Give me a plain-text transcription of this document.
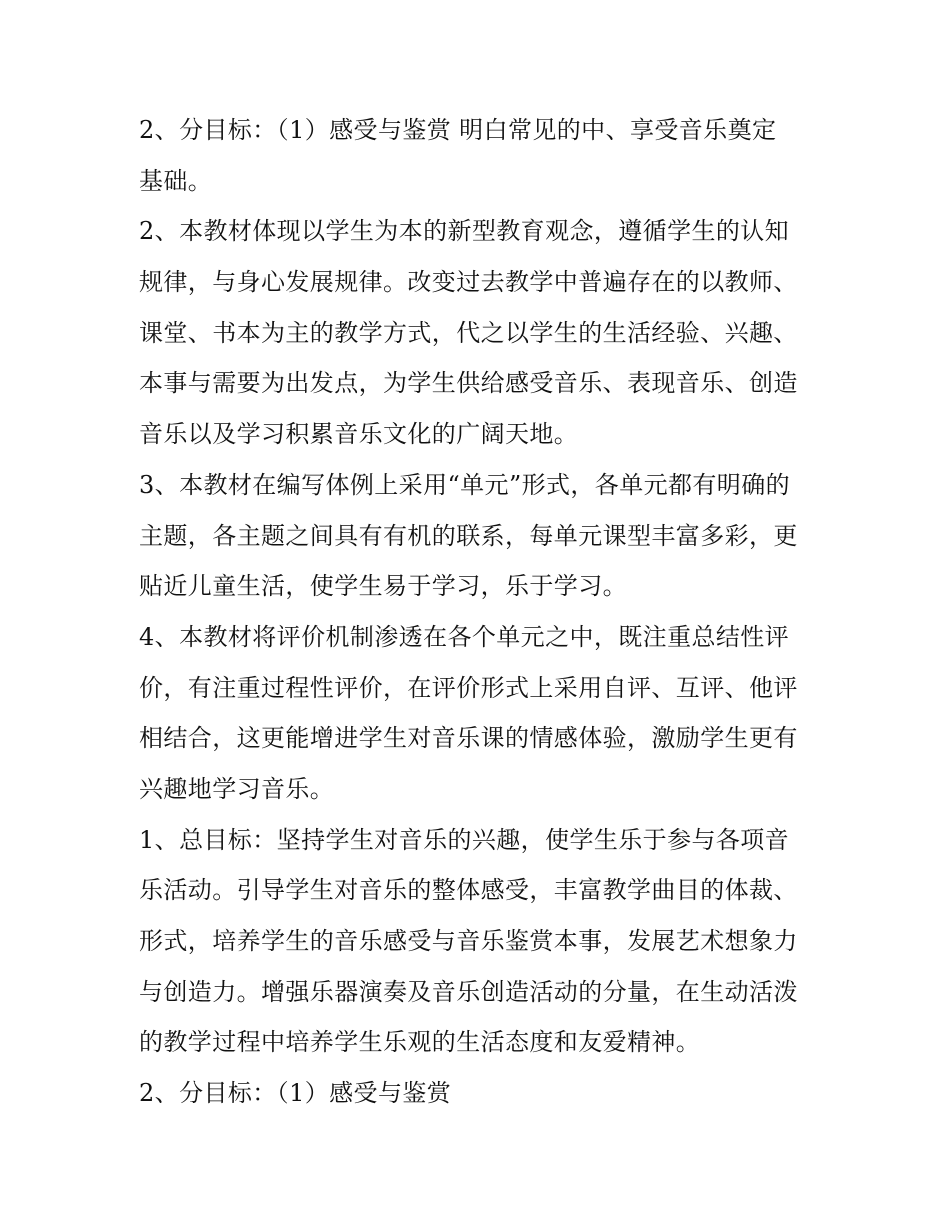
2、分目标：（1）感受与鉴赏 明白常见的中、享受音乐奠定
基础。
2、本教材体现以学生为本的新型教育观念，遵循学生的认知
规律，与身心发展规律。改变过去教学中普遍存在的以教师、
课堂、书本为主的教学方式，代之以学生的生活经验、兴趣、
本事与需要为出发点，为学生供给感受音乐、表现音乐、创造
音乐以及学习积累音乐文化的广阔天地。
3、本教材在编写体例上采用“单元”形式，各单元都有明确的
主题，各主题之间具有有机的联系，每单元课型丰富多彩，更
贴近儿童生活，使学生易于学习，乐于学习。
4、本教材将评价机制渗透在各个单元之中，既注重总结性评
价，有注重过程性评价，在评价形式上采用自评、互评、他评
相结合，这更能增进学生对音乐课的情感体验，激励学生更有
兴趣地学习音乐。
1、总目标：坚持学生对音乐的兴趣，使学生乐于参与各项音
乐活动。引导学生对音乐的整体感受，丰富教学曲目的体裁、
形式，培养学生的音乐感受与音乐鉴赏本事，发展艺术想象力
与创造力。增强乐器演奏及音乐创造活动的分量，在生动活泼
的教学过程中培养学生乐观的生活态度和友爱精神。
2、分目标：（1）感受与鉴赏
